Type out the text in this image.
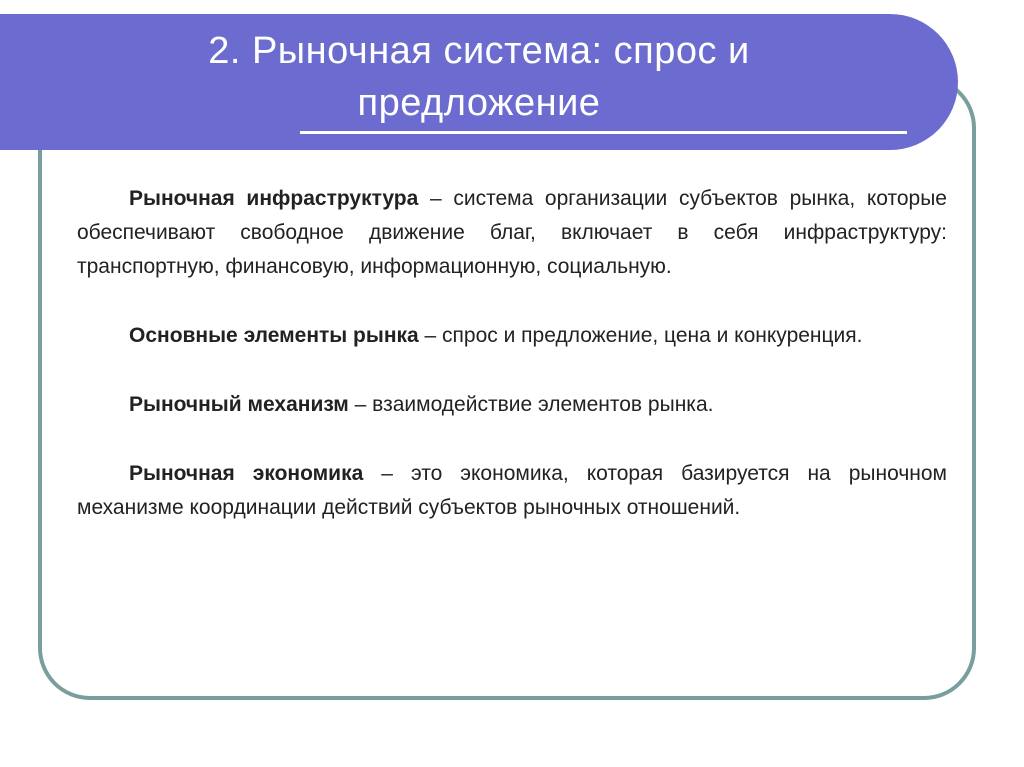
2. Рыночная система: спрос и
предложение

Рыночная инфраструктура – система организации субъектов рынка, которые обеспечивают свободное движение благ, включает в себя инфраструктуру: транспортную, финансовую, информационную, социальную.

Основные элементы рынка – спрос и предложение, цена и конкуренция.

Рыночный механизм – взаимодействие элементов рынка.

Рыночная экономика – это экономика, которая базируется на рыночном механизме координации действий субъектов рыночных отношений.
